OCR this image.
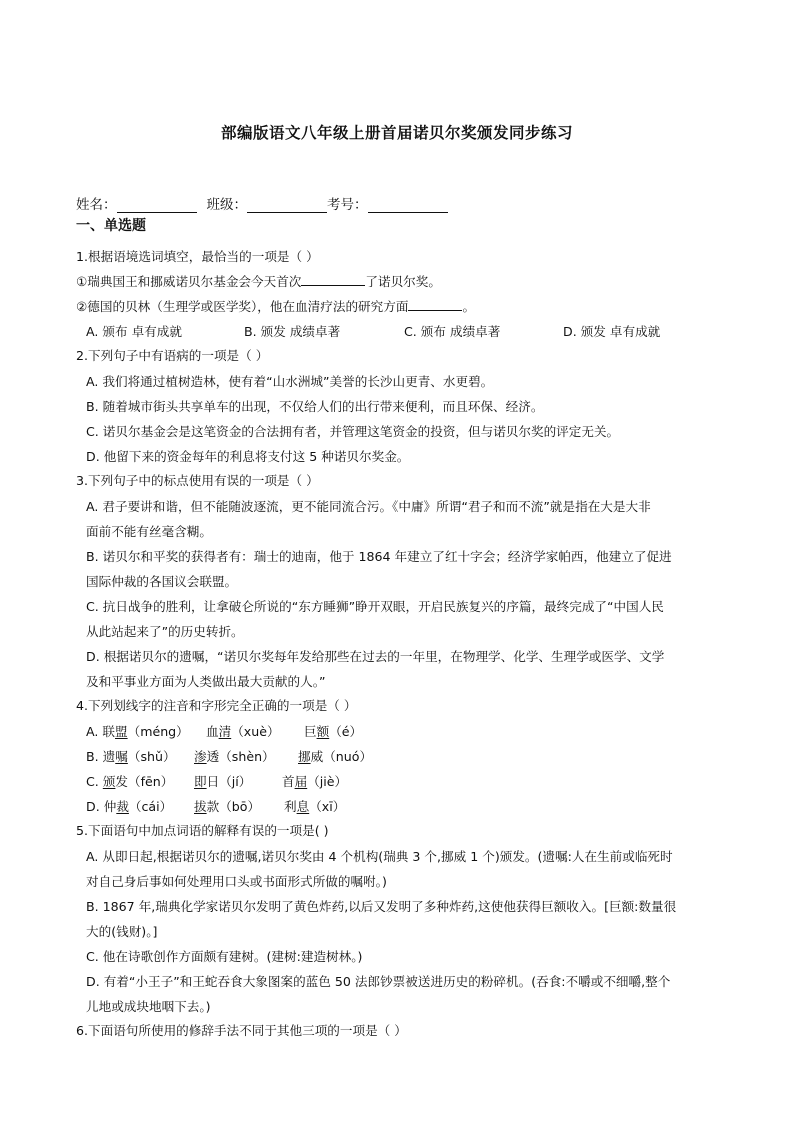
部编版语文八年级上册首届诺贝尔奖颁发同步练习
姓名：	班级：	考号：
一、单选题
1.根据语境选词填空，最恰当的一项是（ ）
①瑞典国王和挪威诺贝尔基金会今天首次	了诺贝尔奖。
②德国的贝林（生理学或医学奖），他在血清疗法的研究方面	。
A. 颁布 卓有成就	B. 颁发 成绩卓著	C. 颁布 成绩卓著	D. 颁发 卓有成就
2.下列句子中有语病的一项是（ ）
A. 我们将通过植树造林，使有着“山水洲城”美誉的长沙山更青、水更碧。
B. 随着城市街头共享单车的出现，不仅给人们的出行带来便利，而且环保、经济。
C. 诺贝尔基金会是这笔资金的合法拥有者，并管理这笔资金的投资，但与诺贝尔奖的评定无关。
D. 他留下来的资金每年的利息将支付这 5 种诺贝尔奖金。
3.下列句子中的标点使用有误的一项是（ ）
A. 君子要讲和谐，但不能随波逐流，更不能同流合污。《中庸》所谓“君子和而不流”就是指在大是大非
面前不能有丝毫含糊。
B. 诺贝尔和平奖的获得者有：瑞士的迪南，他于 1864 年建立了红十字会；经济学家帕西，他建立了促进
国际仲裁的各国议会联盟。
C. 抗日战争的胜利，让拿破仑所说的“东方睡狮”睁开双眼，开启民族复兴的序篇，最终完成了“中国人民
从此站起来了”的历史转折。
D. 根据诺贝尔的遗嘱，“诺贝尔奖每年发给那些在过去的一年里，在物理学、化学、生理学或医学、文学
及和平事业方面为人类做出最大贡献的人。”
4.下列划线字的注音和字形完全正确的一项是（ ）
A. 联盟（méng） 血清（xuè） 巨额（é）
B. 遗嘱（shǔ） 渗透（shèn） 挪威（nuó）
C. 颁发（fēn） 即日（jí） 首届（jiè）
D. 仲裁（cái） 拔款（bō） 利息（xī）
5.下面语句中加点词语的解释有误的一项是( )
A. 从即日起,根据诺贝尔的遗嘱,诺贝尔奖由 4 个机构(瑞典 3 个,挪威 1 个)颁发。(遗嘱:人在生前或临死时
对自己身后事如何处理用口头或书面形式所做的嘱咐。)
B. 1867 年,瑞典化学家诺贝尔发明了黄色炸药,以后又发明了多种炸药,这使他获得巨额收入。[巨额:数量很
大的(钱财)。]
C. 他在诗歌创作方面颇有建树。(建树:建造树林。)
D. 有着“小王子”和王蛇吞食大象图案的蓝色 50 法郎钞票被送进历史的粉碎机。(吞食:不嚼或不细嚼,整个
儿地或成块地咽下去。)
6.下面语句所使用的修辞手法不同于其他三项的一项是（ ）
